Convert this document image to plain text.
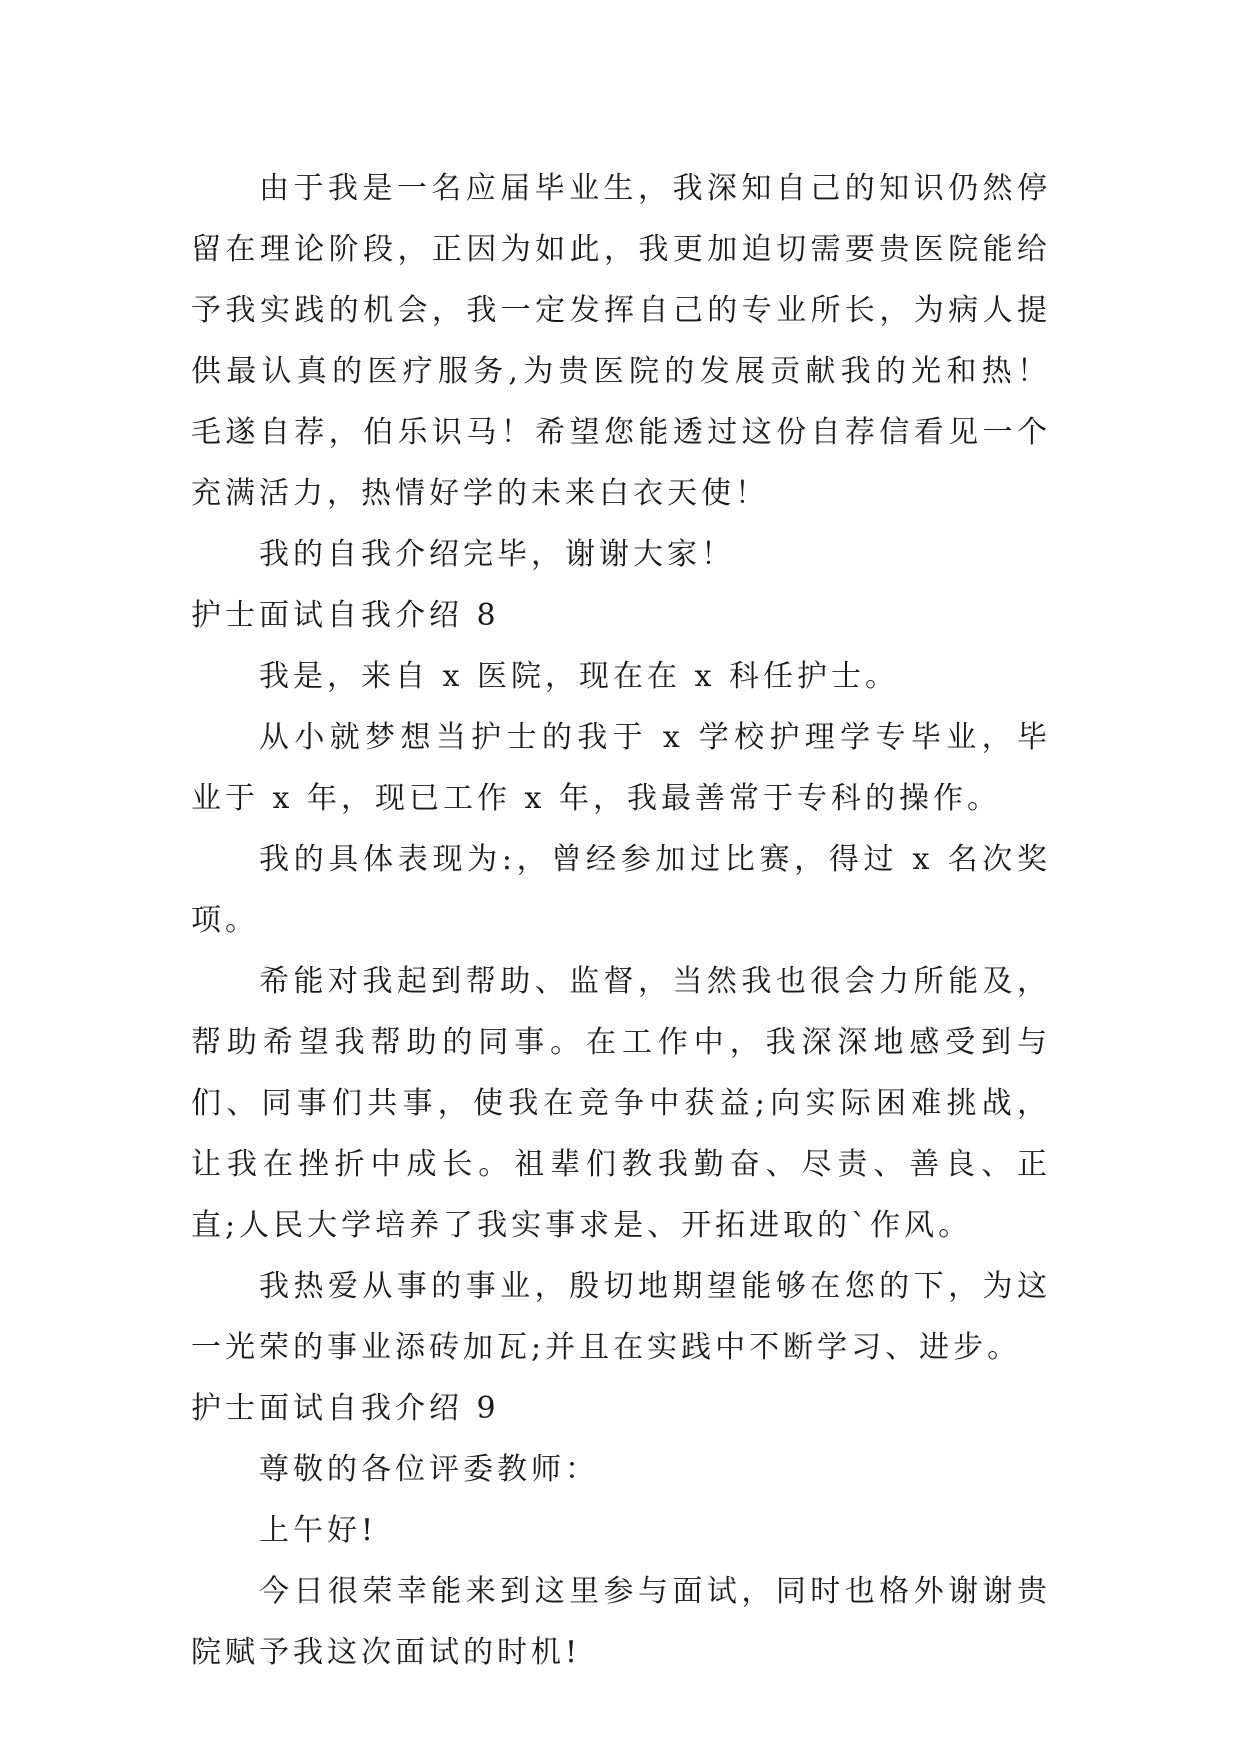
由于我是一名应届毕业生，我深知自己的知识仍然停留在理论阶段，正因为如此，我更加迫切需要贵医院能给予我实践的机会，我一定发挥自己的专业所长，为病人提供最认真的医疗服务,为贵医院的发展贡献我的光和热！毛遂自荐，伯乐识马！希望您能透过这份自荐信看见一个充满活力，热情好学的未来白衣天使！

我的自我介绍完毕，谢谢大家！

护士面试自我介绍 8

我是，来自 x 医院，现在在 x 科任护士。

从小就梦想当护士的我于 x 学校护理学专毕业，毕业于 x 年，现已工作 x 年，我最善常于专科的操作。

我的具体表现为:，曾经参加过比赛，得过 x 名次奖项。

希能对我起到帮助、监督，当然我也很会力所能及，帮助希望我帮助的同事。在工作中，我深深地感受到与们、同事们共事，使我在竞争中获益;向实际困难挑战，让我在挫折中成长。祖辈们教我勤奋、尽责、善良、正直;人民大学培养了我实事求是、开拓进取的`作风。

我热爱从事的事业，殷切地期望能够在您的下，为这一光荣的事业添砖加瓦;并且在实践中不断学习、进步。

护士面试自我介绍 9

尊敬的各位评委教师：

上午好!

今日很荣幸能来到这里参与面试，同时也格外谢谢贵院赋予我这次面试的时机!
